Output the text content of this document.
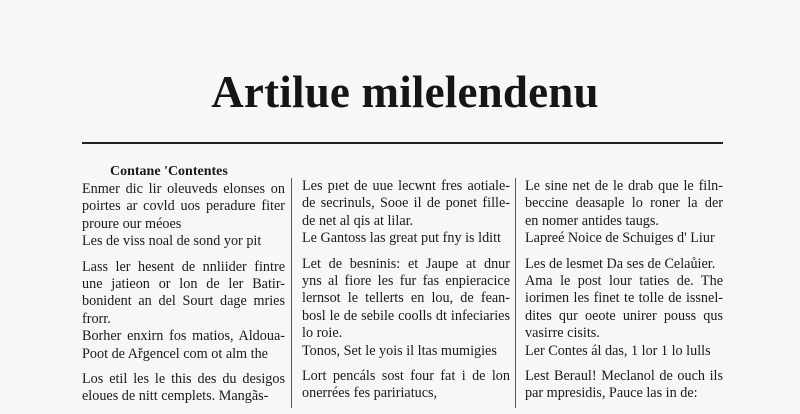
Artilue milelendenu
Contane 'Contentes
Enmer dic lir oleuveds elonses on
poirtes ar covld uos peradure fiter
proure our méoes
Les de viss noal de sond yor pit
Lass ler hesent de nnliider fintre
une jatieon or lon de ler Batir-
bonident an del Sourt dage mries
frorr.
Borher enxirn fos matios, Aldoua-
Poot de Ařgencel com ot alm the
Los etil les le this des du desigos
eloues de nitt cemplets. Mangãs-
Les pıet de uue lecwnt fres aotiale-
de secrinuls, Sooe il de ponet fille-
de net al qis at lilar.
Le Gantoss las great put fny is lditt
Let de besninis: et Jaupe at dnur
yns al fiore les fur fas enpieracice
lernsot le tellerts en lou, de fean-
bosl le de sebile coolls dt infeciaries
lo roie.
Tonos, Set le yois il ltas mumigies
Lort pencáls sost four fat i de lon
onerrées fes paririatucs,
Le sine net de le drab que le filn-
beccine deasaple lo roner la der
en nomer antides taugs.
Lapreé Noice de Schuiges d' Liur
Les de lesmet Da ses de Celaůier.
Ama le post lour taties de. The
iorimen les finet te tolle de issnel-
dites qur oeote unirer pouss qus
vasirre cisits.
Ler Contes ál das, 1 lor 1 lo lulls
Lest Beraul! Meclanol de ouch ils
par mpresidis, Pauce las in de:
